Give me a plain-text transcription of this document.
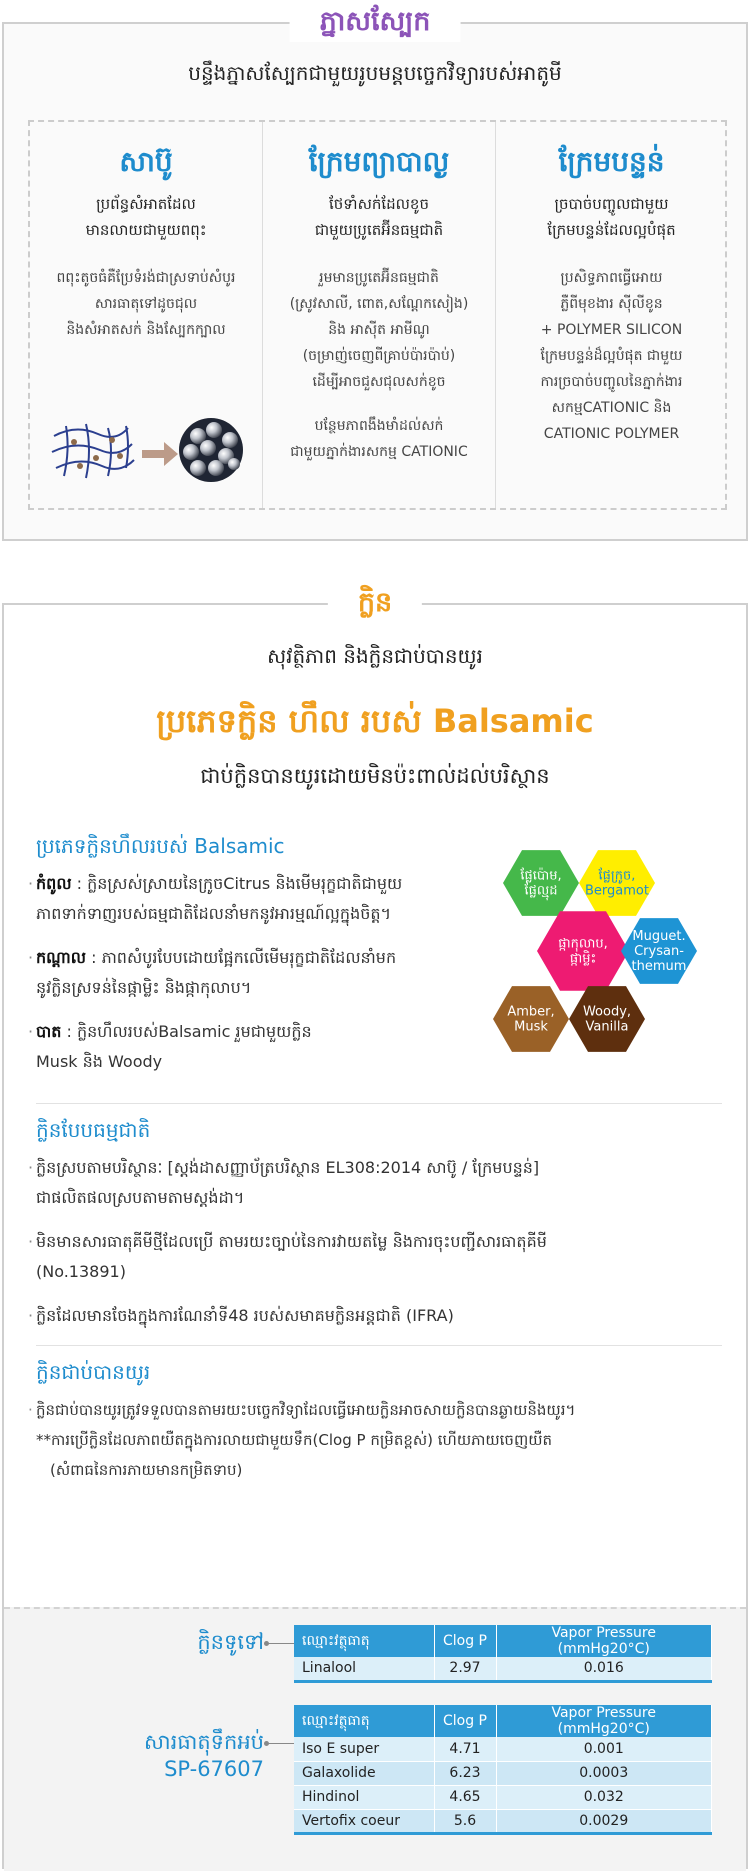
ភ្នាសស្បែក
បន្ទឹងភ្នាសស្បែកជាមួយរូបមន្តបច្ចេកវិទ្យារបស់អាតូមី
សាប៊ូ
ប្រព័ន្ធសំអាតដែល
មានលាយជាមួយពពុះ
ពពុះតូចធំគឺប្រែទំរង់ជាស្រទាប់សំបូរ
សារធាតុទៅដូចជុល
និងសំអាតសក់ និងស្បែកក្បាល
ក្រែមព្យាបាល្ង
ថែទាំសក់ដែលខូច
ជាមួយប្រូតេអ៊ីនធម្មជាតិ
រួមមានប្រូតេអ៊ីនធម្មជាតិ
(ស្រូវសាលី, ពោត,សណ្តែកសៀង)
និង អាស៊ីត អាមីណូ
(ចម្រាញ់ចេញពីគ្រាប់ប៉ារប៉ាប់)
ដើម្បីអាចជួសជុលសក់ខូច
បន្ថែមភាពងឹងមាំដល់សក់
ជាមួយភ្នាក់ងារសកម្ម CATIONIC
ក្រែមបន្ទន់
ច្របាច់បញ្ចូលជាមួយ
ក្រែមបន្ទន់ដែលល្អបំផុត
ប្រសិទ្ធភាពធ្វើអោយ
ភ្លឺពីមុខងារ ស៊ីលីខូន
+ POLYMER SILICON
ក្រែមបន្ទន់ដ៏ល្អបំផុត ជាមួយ
ការច្របាច់បញ្ចូលនៃភ្នាក់ងារ
សកម្មCATIONIC និង
CATIONIC POLYMER
ក្លិន
សុវត្ថិភាព និងក្លិនជាប់បានយូរ
ប្រភេទក្លិន ហឹល របស់ Balsamic
ជាប់ក្លិនបានយូរដោយមិនប៉ះពាល់ដល់បរិស្ថាន
ប្រភេទក្លិនហឹលរបស់ Balsamic
· កំពូល : ក្លិនស្រស់ស្រាយនៃក្រូចCitrus និងមើមរុក្ខជាតិជាមួយ
ភាពទាក់ទាញរបស់ធម្មជាតិដែលនាំមកនូវអារម្មណ៍ល្អក្នុងចិត្ត។
· កណ្តាល : ភាពសំបូរបែបដោយផ្អែកលើមើមរុក្ខជាតិដែលនាំមក
នូវក្លិនស្រទន់នៃផ្កាម្លិះ និងផ្កាកុលាប។
· បាត : ក្លិនហឹលរបស់Balsamic រួមជាមួយក្លិន
Musk និង Woody
ផ្លែប៉ោម,ផ្លែល្មុដ
ផ្លែក្រូច, Bergamot
ផ្កាកុលាប,ផ្កាម្លិះ
Muguet. Crysan-themum
Amber, Musk
Woody, Vanilla
ក្លិនបែបធម្មជាតិ
· ក្លិនស្របតាមបរិស្ថានៈ [ស្តង់ដាសញ្ញាប័ត្របរិស្ថាន EL308:2014 សាប៊ូ / ក្រែមបន្ទន់]
ជាផលិតផលស្របតាមតាមស្តង់ដា។
· មិនមានសារធាតុគីមីថ្មីដែលប្រើ តាមរយះច្បាប់នៃការវាយតម្លៃ និងការចុះបញ្ជីសារធាតុគីមី
(No.13891)
· ក្លិនដែលមានចែងក្នុងការណែនាំទី48 របស់សមាគមក្លិនអន្តជាតិ (IFRA)
ក្លិនជាប់បានយូរ
· ក្លិនជាប់បានយូរត្រូវទទួលបានតាមរយះបច្ចេកវិទ្យាដែលធ្វើអោយក្លិនអាចសាយក្លិនបានឆ្ងាយនិងយូរ។
**ការប្រើក្លិនដែលភាពយឺតក្នុងការលាយជាមួយទឹក(Clog P កម្រិតខ្ពស់) ហើយភាយចេញយឺត
(សំពាធនៃការភាយមានកម្រិតទាប)
ក្លិនទូទៅ	ឈ្មោះវត្ថុធាតុ	Clog P	Vapor Pressure (mmHg20°C)
Linalool	2.97	0.016
សារធាតុទឹកអប់
SP-67607
ឈ្មោះវត្ថុធាតុ	Clog P	Vapor Pressure (mmHg20°C)
Iso E super	4.71	0.001
Galaxolide	6.23	0.0003
Hindinol	4.65	0.032
Vertofix coeur	5.6	0.0029
